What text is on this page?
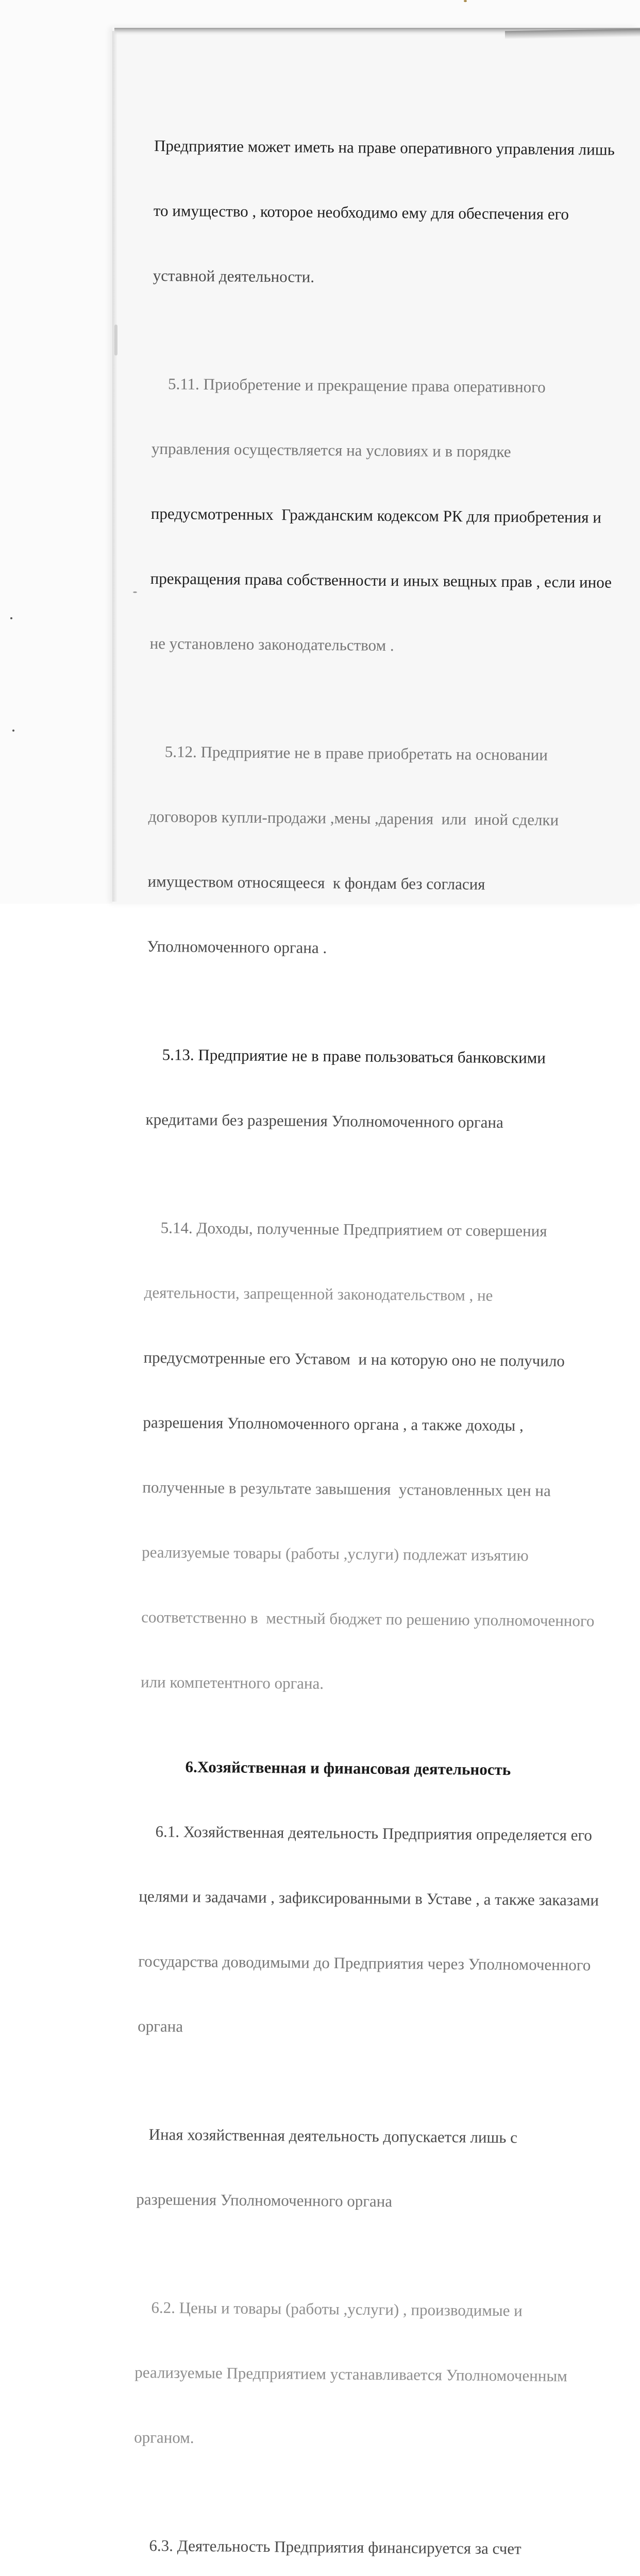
Предприятие может иметь на праве оперативного управления лишь

то имущество , которое необходимо ему для обеспечения его

уставной деятельности.

5.11. Приобретение и прекращение права оперативного

управления осуществляется на условиях и в порядке

предусмотренных  Гражданским кодексом РК для приобретения и

прекращения права собственности и иных вещных прав , если иное

не установлено законодательством .

5.12. Предприятие не в праве приобретать на основании

договоров купли-продажи ,мены ,дарения  или  иной сделки

имуществом относящееся  к фондам без согласия

Уполномоченного органа .

5.13. Предприятие не в праве пользоваться банковскими

кредитами без разрешения Уполномоченного органа

5.14. Доходы, полученные Предприятием от совершения

деятельности, запрещенной законодательством , не

предусмотренные его Уставом  и на которую оно не получило

разрешения Уполномоченного органа , а также доходы ,

полученные в результате завышения  установленных цен на

реализуемые товары (работы ,услуги) подлежат изъятию

соответственно в  местный бюджет по решению уполномоченного

или компетентного органа.

6.Хозяйственная и финансовая деятельность

6.1. Хозяйственная деятельность Предприятия определяется его

целями и задачами , зафиксированными в Уставе , а также заказами

государства доводимыми до Предприятия через Уполномоченного

органа

Иная хозяйственная деятельность допускается лишь с

разрешения Уполномоченного органа

6.2. Цены и товары (работы ,услуги) , производимые и

реализуемые Предприятием устанавливается Уполномоченным

органом.

6.3. Деятельность Предприятия финансируется за счет
